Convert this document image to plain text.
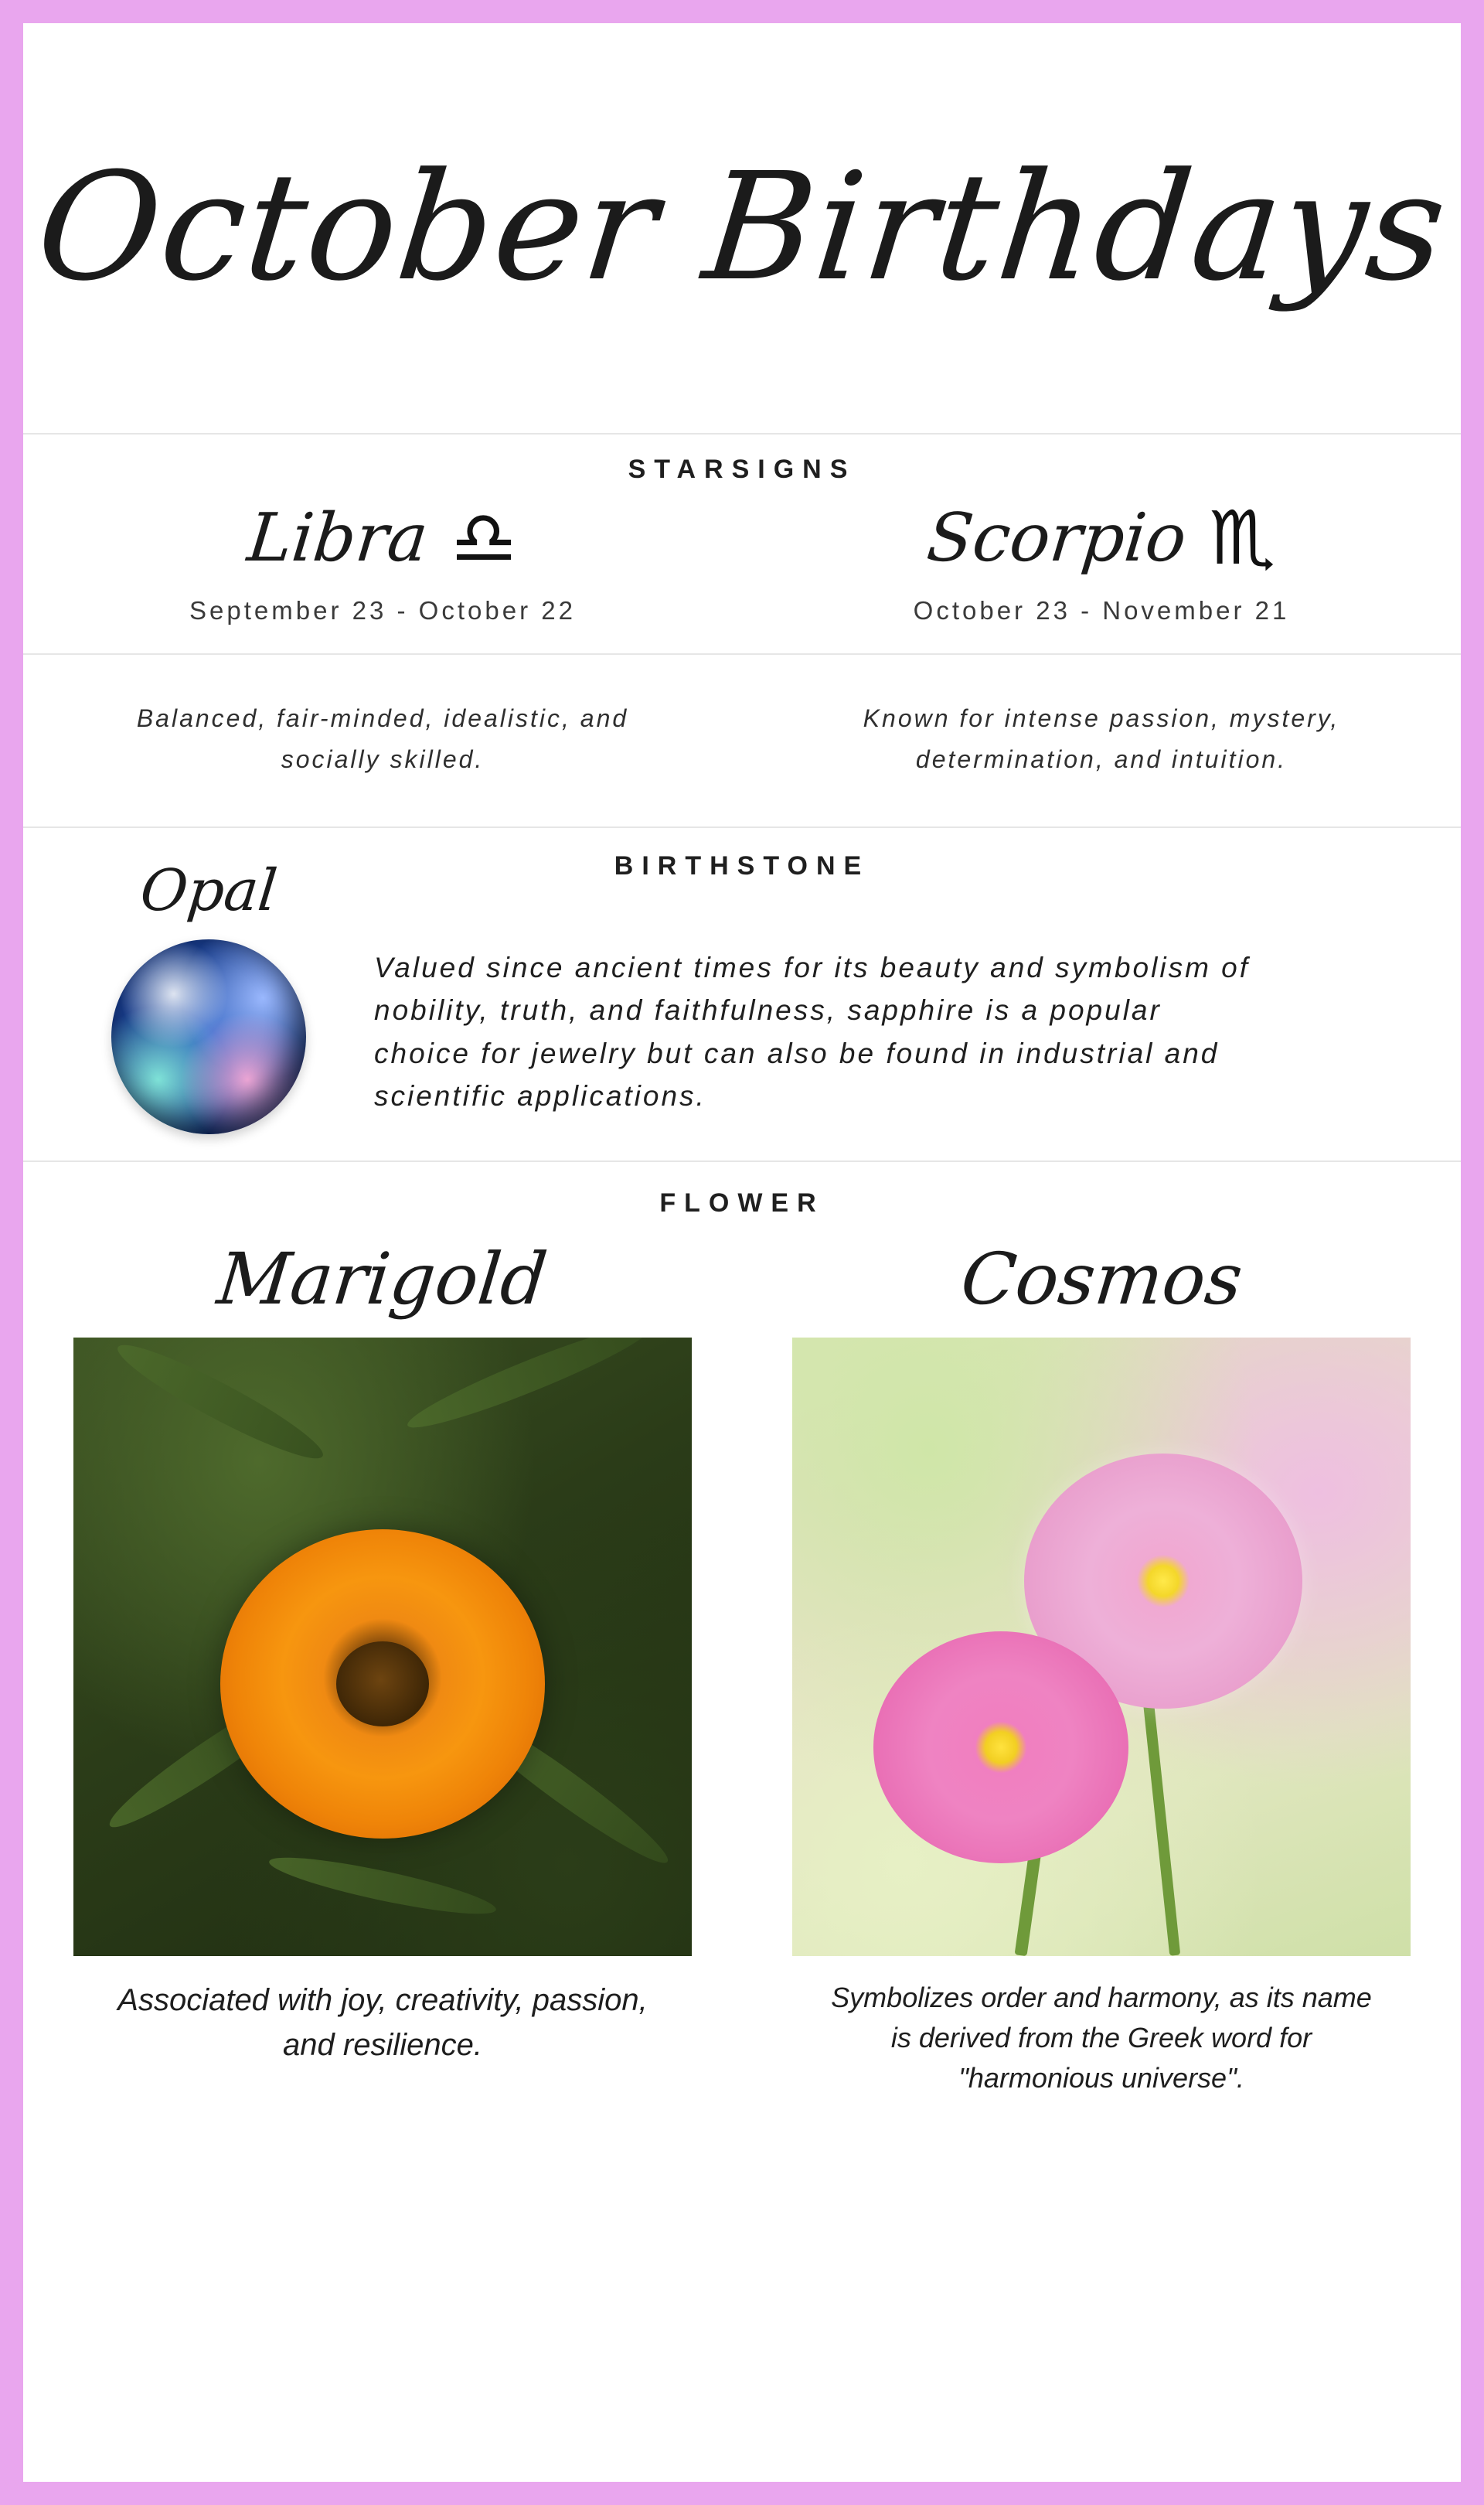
October Birthdays
STARSIGNS
Libra ♎
September 23 - October 22
Scorpio ♏
October 23 - November 21
Balanced, fair-minded, idealistic, and socially skilled.
Known for intense passion, mystery, determination, and intuition.
BIRTHSTONE
Opal
Valued since ancient times for its beauty and symbolism of nobility, truth, and faithfulness, sapphire is a popular choice for jewelry but can also be found in industrial and scientific applications.
FLOWER
Marigold
Associated with joy, creativity, passion, and resilience.
Cosmos
Symbolizes order and harmony, as its name is derived from the Greek word for "harmonious universe".
